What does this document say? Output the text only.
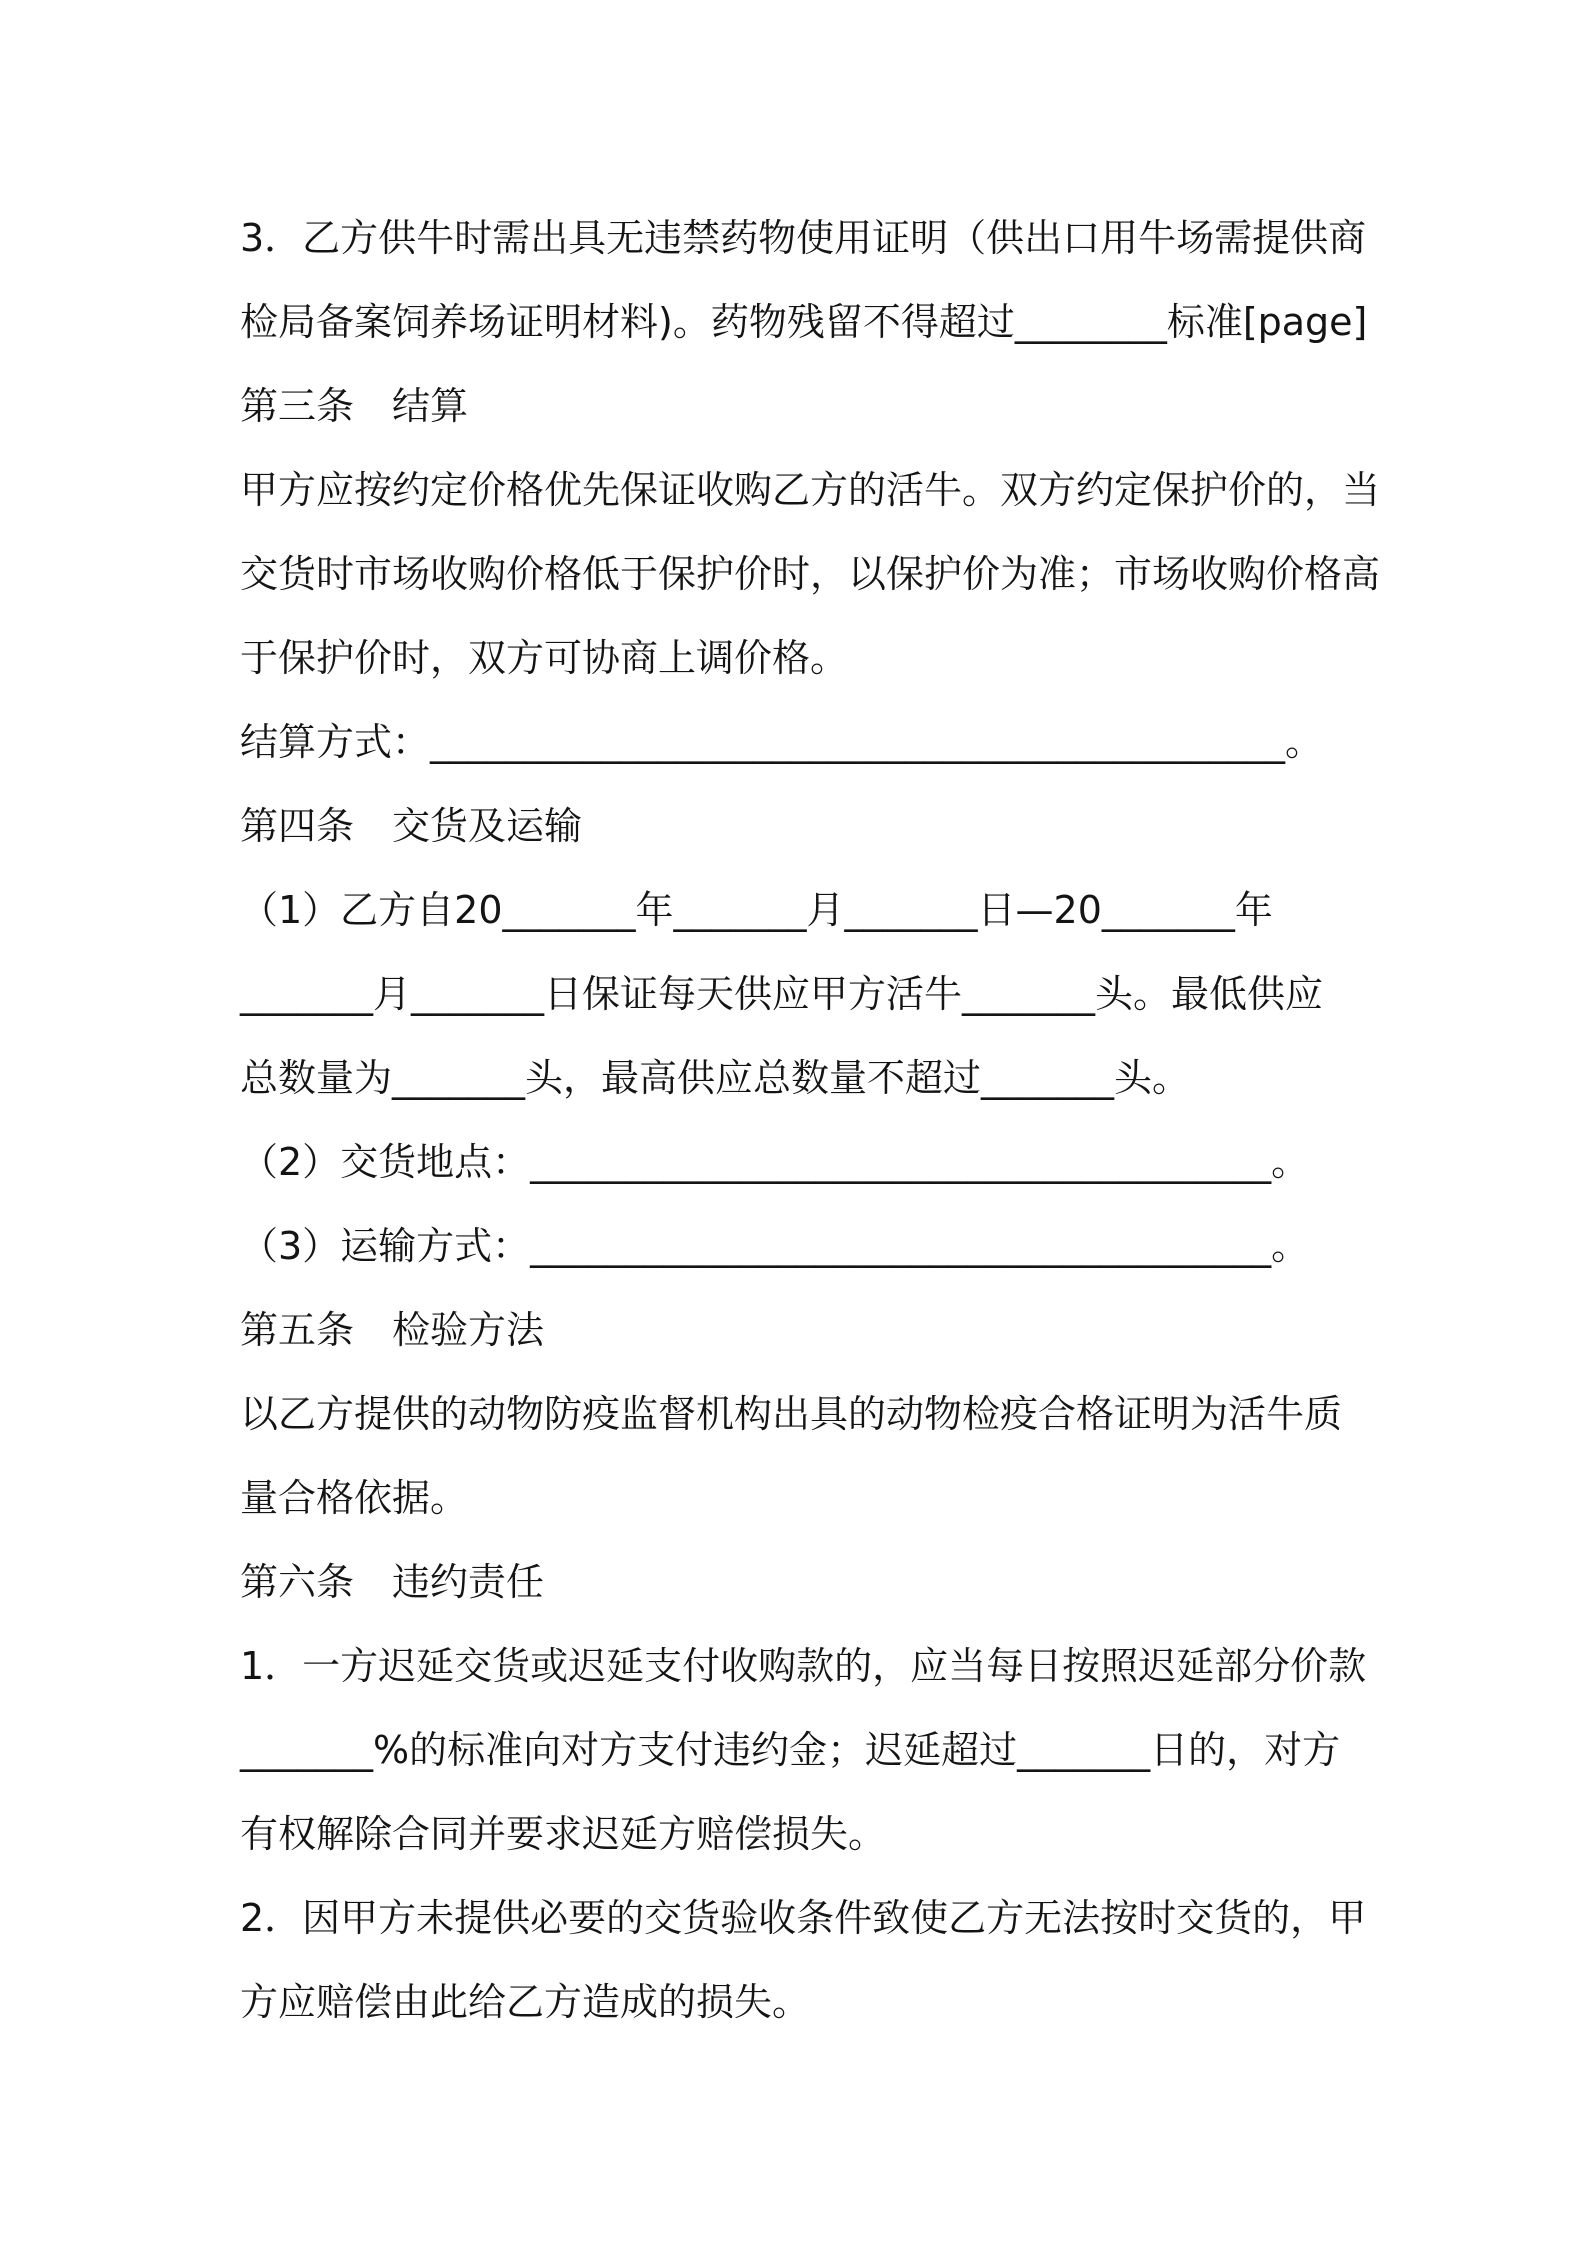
3．乙方供牛时需出具无违禁药物使用证明（供出口用牛场需提供商
检局备案饲养场证明材料)。药物残留不得超过________标准[page]
第三条　结算
甲方应按约定价格优先保证收购乙方的活牛。双方约定保护价的，当
交货时市场收购价格低于保护价时，以保护价为准；市场收购价格高
于保护价时，双方可协商上调价格。
结算方式：_____________________________________________。
第四条　交货及运输
（1）乙方自20_______年_______月_______日—20_______年
_______月_______日保证每天供应甲方活牛_______头。最低供应
总数量为_______头，最高供应总数量不超过_______头。
（2）交货地点：_______________________________________。
（3）运输方式：_______________________________________。
第五条　检验方法
以乙方提供的动物防疫监督机构出具的动物检疫合格证明为活牛质
量合格依据。
第六条　违约责任
1．一方迟延交货或迟延支付收购款的，应当每日按照迟延部分价款
_______%的标准向对方支付违约金；迟延超过_______日的，对方
有权解除合同并要求迟延方赔偿损失。
2．因甲方未提供必要的交货验收条件致使乙方无法按时交货的，甲
方应赔偿由此给乙方造成的损失。
